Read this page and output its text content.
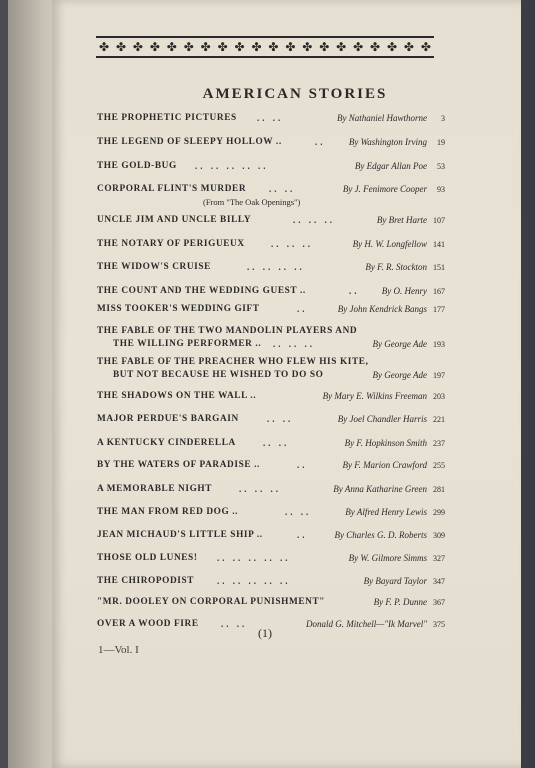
✤ ✤ ✤ ✤ ✤ ✤ ✤ ✤ ✤ ✤ ✤ ✤ ✤ ✤ ✤ ✤ ✤ ✤ ✤ ✤
AMERICAN STORIES
THE PROPHETIC PICTURES .. ..	By Nathaniel Hawthorne 3
THE LEGEND OF SLEEPY HOLLOW ..	..	By Washington Irving 19
THE GOLD-BUG .. .. .. .. ..	By Edgar Allan Poe 53
CORPORAL FLINT'S MURDER	.. ..	By J. Fenimore Cooper 93
(From "The Oak Openings")
UNCLE JIM AND UNCLE BILLY	.. .. ..	By Bret Harte 107
THE NOTARY OF PERIGUEUX	.. .. ..	By H. W. Longfellow 141
THE WIDOW'S CRUISE	.. .. .. ..	By F. R. Stockton 151
THE COUNT AND THE WEDDING GUEST ..	.. By O. Henry 167
MISS TOOKER'S WEDDING GIFT	..	By John Kendrick Bangs 177
THE FABLE OF THE TWO MANDOLIN PLAYERS AND
THE WILLING PERFORMER .. .. .. ..	By George Ade 193
THE FABLE OF THE PREACHER WHO FLEW HIS KITE,
BUT NOT BECAUSE HE WISHED TO DO SO	By George Ade 197
THE SHADOWS ON THE WALL ..	By Mary E. Wilkins Freeman 203
MAJOR PERDUE'S BARGAIN	.. ..	By Joel Chandler Harris 221
A KENTUCKY CINDERELLA	.. ..	By F. Hopkinson Smith 237
BY THE WATERS OF PARADISE ..	..	By F. Marion Crawford 255
A MEMORABLE NIGHT	.. .. ..	By Anna Katharine Green 281
THE MAN FROM RED DOG ..	.. ..	By Alfred Henry Lewis 299
JEAN MICHAUD'S LITTLE SHIP ..	..	By Charles G. D. Roberts 309
THOSE OLD LUNES! .. .. .. .. ..	By W. Gilmore Simms 327
THE CHIROPODIST	.. .. .. .. ..	By Bayard Taylor 347
"MR. DOOLEY ON CORPORAL PUNISHMENT"	By F. P. Dunne 367
OVER A WOOD FIRE .. ..	Donald G. Mitchell—"Ik Marvel" 375
(1)
1—Vol. I
